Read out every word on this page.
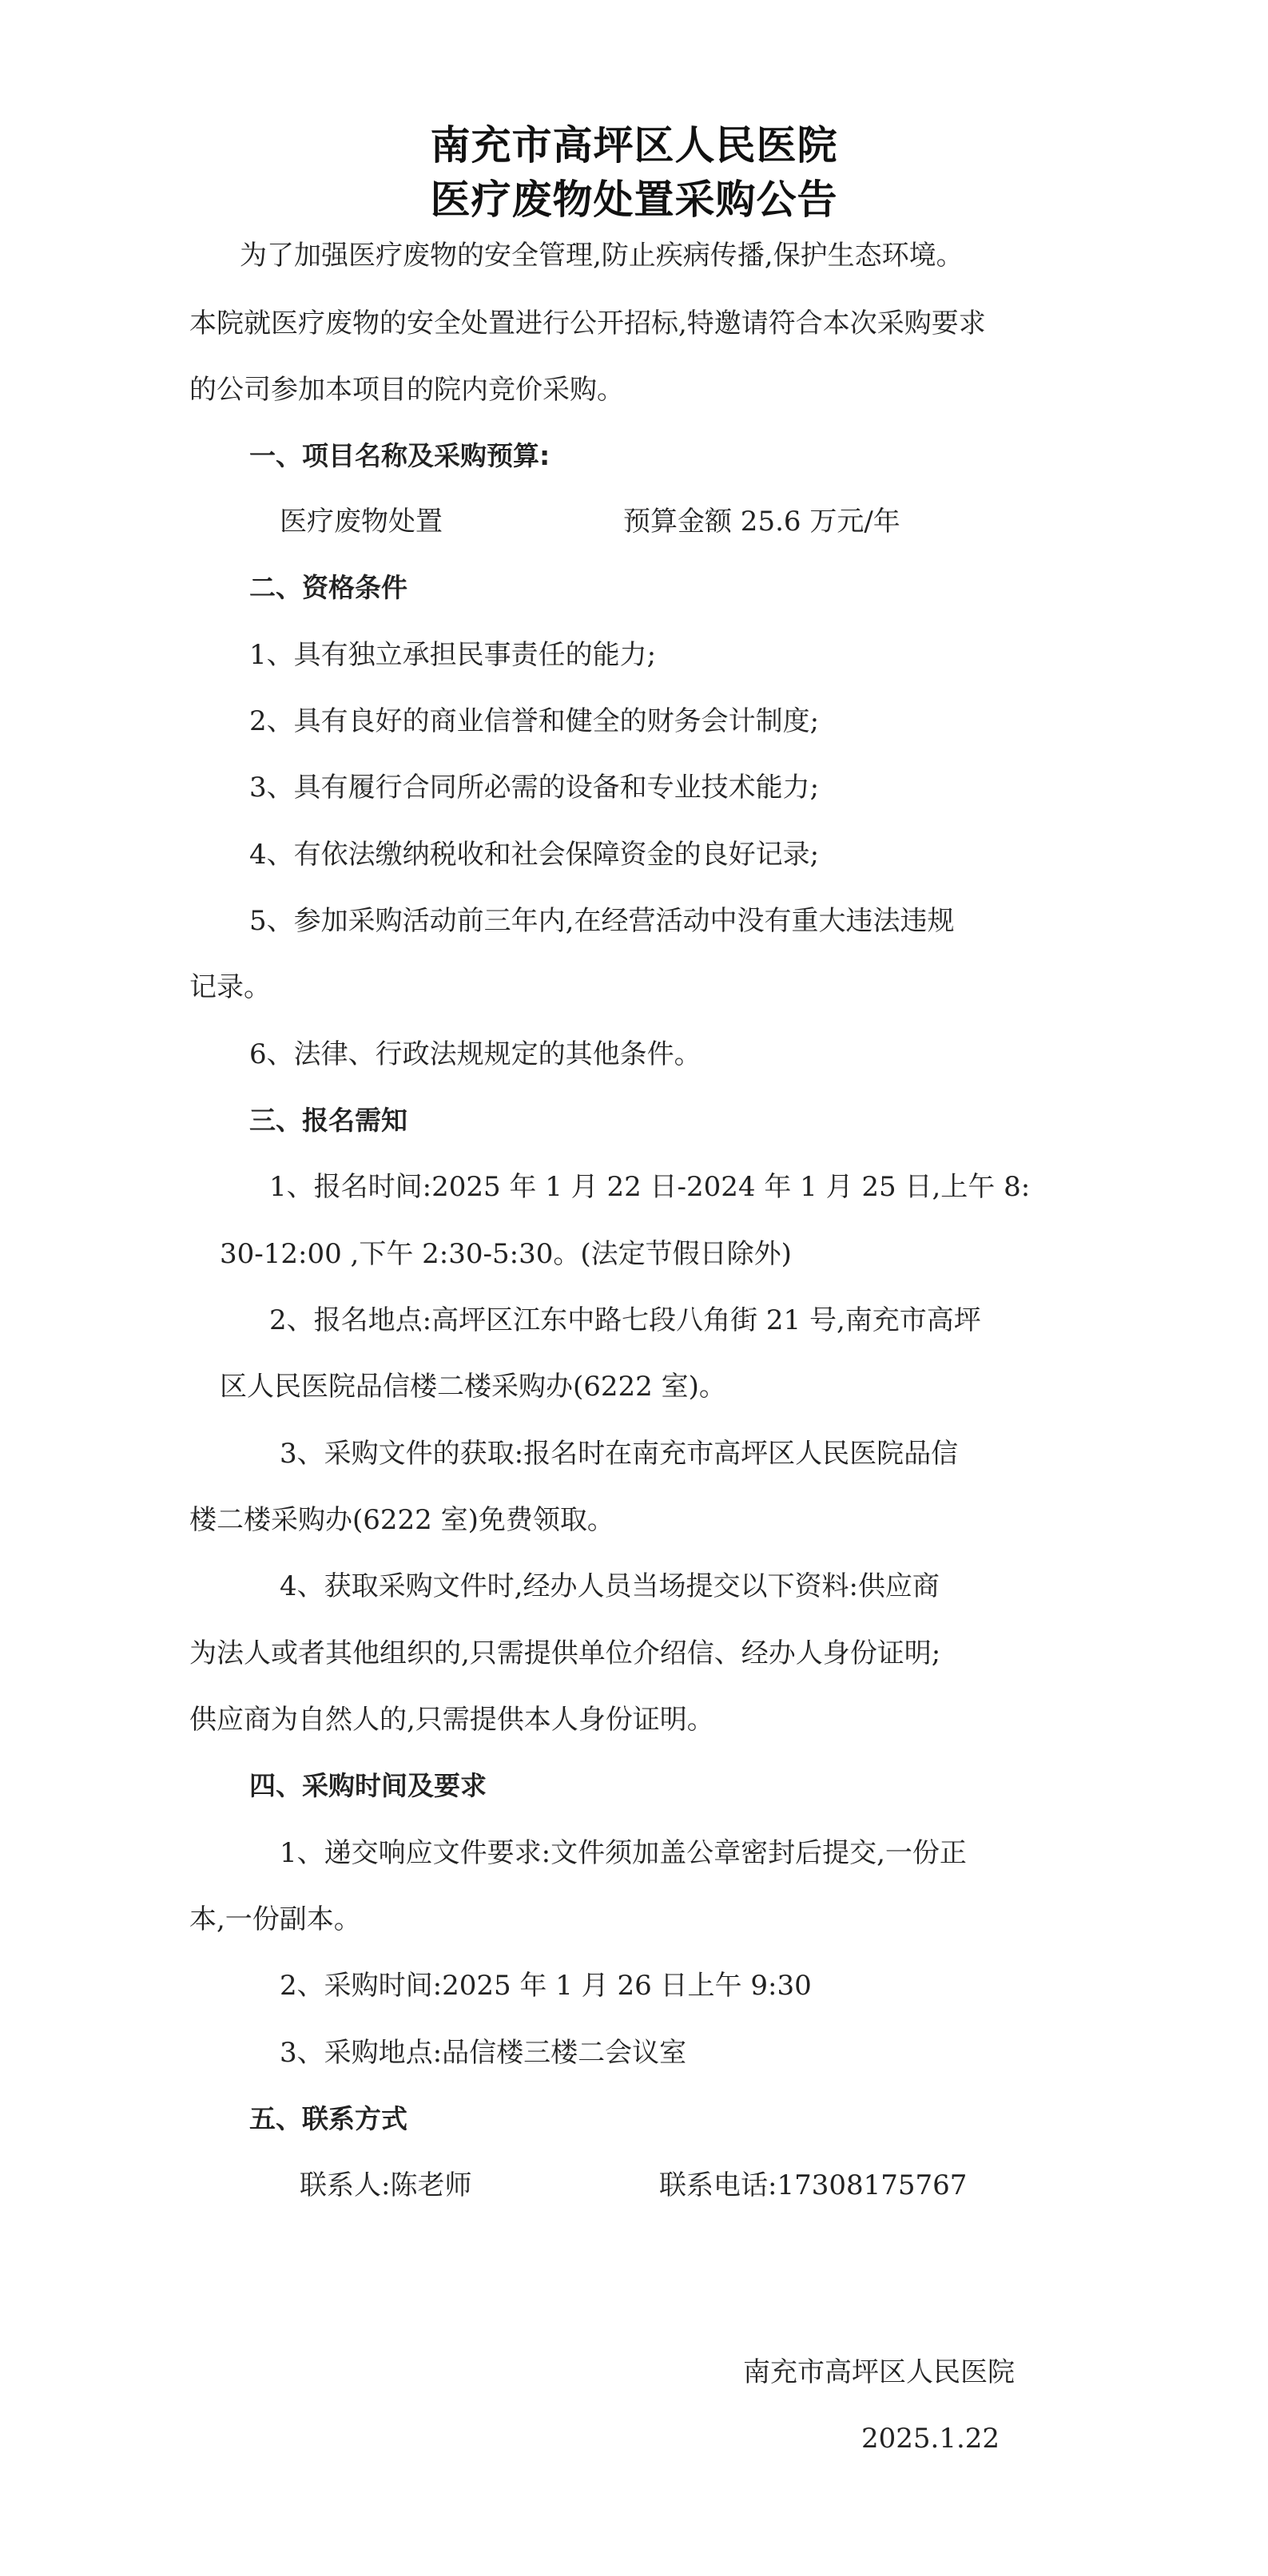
南充市高坪区人民医院
医疗废物处置采购公告
为了加强医疗废物的安全管理,防止疾病传播,保护生态环境。
本院就医疗废物的安全处置进行公开招标,特邀请符合本次采购要求
的公司参加本项目的院内竞价采购。
一、项目名称及采购预算:
医疗废物处置	预算金额 25.6 万元/年
二、资格条件
1、具有独立承担民事责任的能力;
2、具有良好的商业信誉和健全的财务会计制度;
3、具有履行合同所必需的设备和专业技术能力;
4、有依法缴纳税收和社会保障资金的良好记录;
5、参加采购活动前三年内,在经营活动中没有重大违法违规
记录。
6、法律、行政法规规定的其他条件。
三、报名需知
1、报名时间:2025 年 1 月 22 日-2024 年 1 月 25 日,上午 8:
30-12:00 ,下午 2:30-5:30。(法定节假日除外)
2、报名地点:高坪区江东中路七段八角街 21 号,南充市高坪
区人民医院品信楼二楼采购办(6222 室)。
3、采购文件的获取:报名时在南充市高坪区人民医院品信
楼二楼采购办(6222 室)免费领取。
4、获取采购文件时,经办人员当场提交以下资料:供应商
为法人或者其他组织的,只需提供单位介绍信、经办人身份证明;
供应商为自然人的,只需提供本人身份证明。
四、采购时间及要求
1、递交响应文件要求:文件须加盖公章密封后提交,一份正
本,一份副本。
2、采购时间:2025 年 1 月 26 日上午 9:30
3、采购地点:品信楼三楼二会议室
五、联系方式
联系人:陈老师	联系电话:17308175767
南充市高坪区人民医院
2025.1.22
